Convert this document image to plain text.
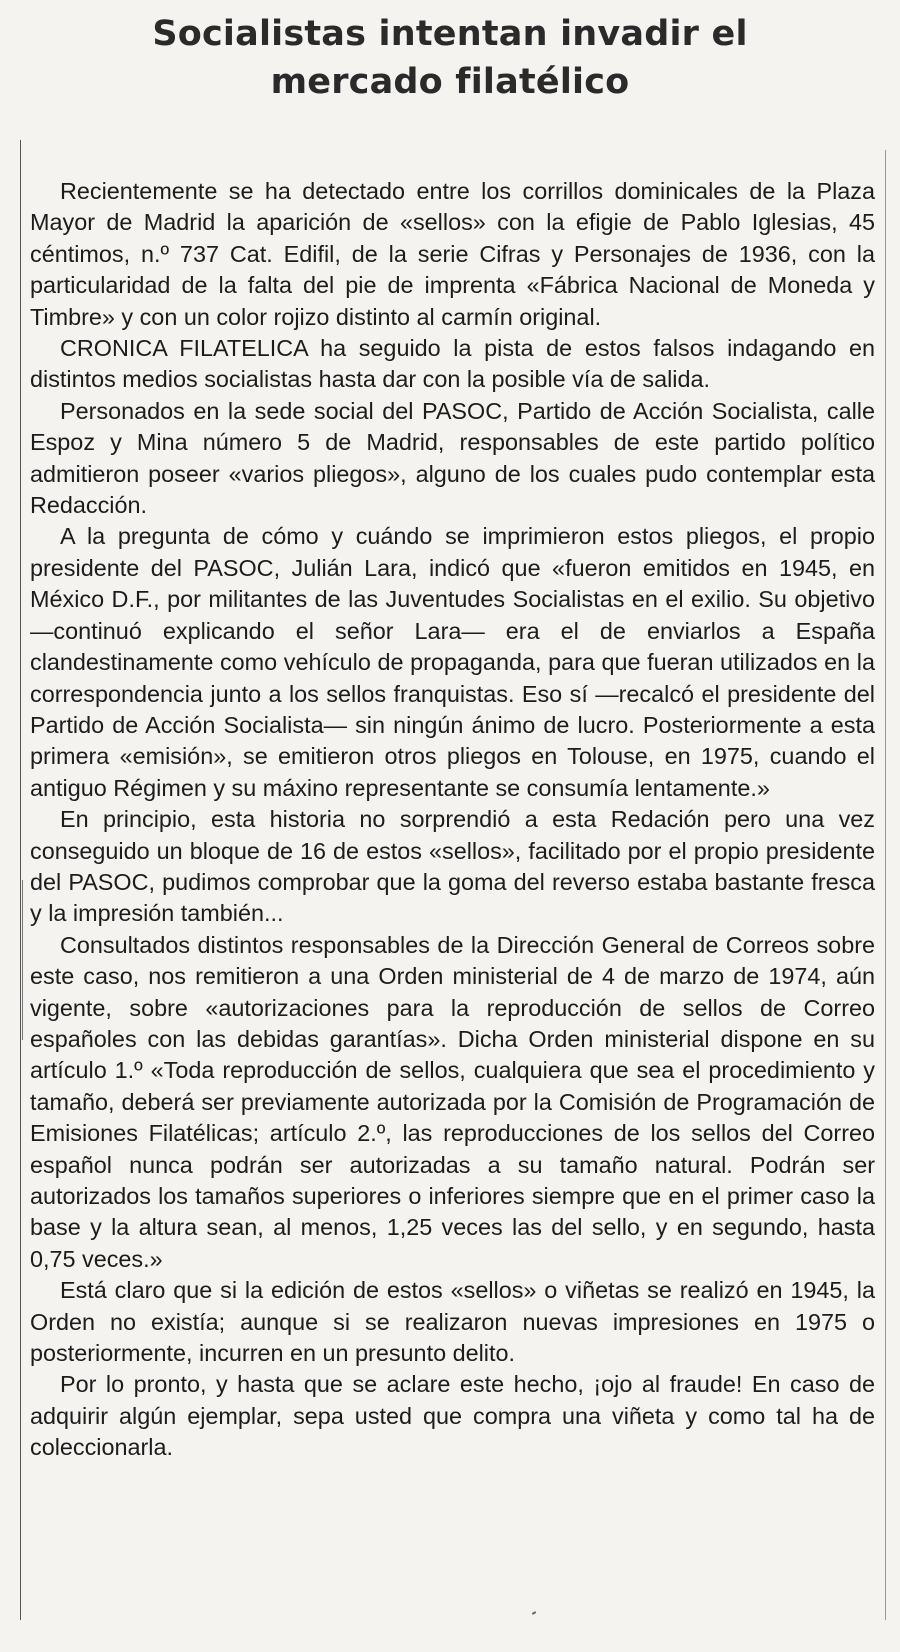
Socialistas intentan invadir el
mercado filatélico

Recientemente se ha detectado entre los corrillos dominicales de la Plaza Mayor de Madrid la aparición de «sellos» con la efigie de Pablo Iglesias, 45 céntimos, n.º 737 Cat. Edifil, de la serie Cifras y Personajes de 1936, con la particularidad de la falta del pie de imprenta «Fábrica Nacional de Moneda y Timbre» y con un color rojizo distinto al carmín original.

CRONICA FILATELICA ha seguido la pista de estos falsos indagando en distintos medios socialistas hasta dar con la posible vía de salida.

Personados en la sede social del PASOC, Partido de Acción Socialista, calle Espoz y Mina número 5 de Madrid, responsables de este partido político admitieron poseer «varios pliegos», alguno de los cuales pudo contemplar esta Redacción.

A la pregunta de cómo y cuándo se imprimieron estos pliegos, el propio presidente del PASOC, Julián Lara, indicó que «fueron emitidos en 1945, en México D.F., por militantes de las Juventudes Socialistas en el exilio. Su objetivo —continuó explicando el señor Lara— era el de enviarlos a España clandestinamente como vehículo de propaganda, para que fueran utilizados en la correspondencia junto a los sellos franquistas. Eso sí —recalcó el presidente del Partido de Acción Socialista— sin ningún ánimo de lucro. Posteriormente a esta primera «emisión», se emitieron otros pliegos en Tolouse, en 1975, cuando el antiguo Régimen y su máxino representante se consumía lentamente.»

En principio, esta historia no sorprendió a esta Redación pero una vez conseguido un bloque de 16 de estos «sellos», facilitado por el propio presidente del PASOC, pudimos comprobar que la goma del reverso estaba bastante fresca y la impresión también...

Consultados distintos responsables de la Dirección General de Correos sobre este caso, nos remitieron a una Orden ministerial de 4 de marzo de 1974, aún vigente, sobre «autorizaciones para la reproducción de sellos de Correo españoles con las debidas garantías». Dicha Orden ministerial dispone en su artículo 1.º «Toda reproducción de sellos, cualquiera que sea el procedimiento y tamaño, deberá ser previamente autorizada por la Comisión de Programación de Emisiones Filatélicas; artículo 2.º, las reproducciones de los sellos del Correo español nunca podrán ser autorizadas a su tamaño natural. Podrán ser autorizados los tamaños superiores o inferiores siempre que en el primer caso la base y la altura sean, al menos, 1,25 veces las del sello, y en segundo, hasta 0,75 veces.»

Está claro que si la edición de estos «sellos» o viñetas se realizó en 1945, la Orden no existía; aunque si se realizaron nuevas impresiones en 1975 o posteriormente, incurren en un presunto delito.

Por lo pronto, y hasta que se aclare este hecho, ¡ojo al fraude! En caso de adquirir algún ejemplar, sepa usted que compra una viñeta y como tal ha de coleccionarla.
